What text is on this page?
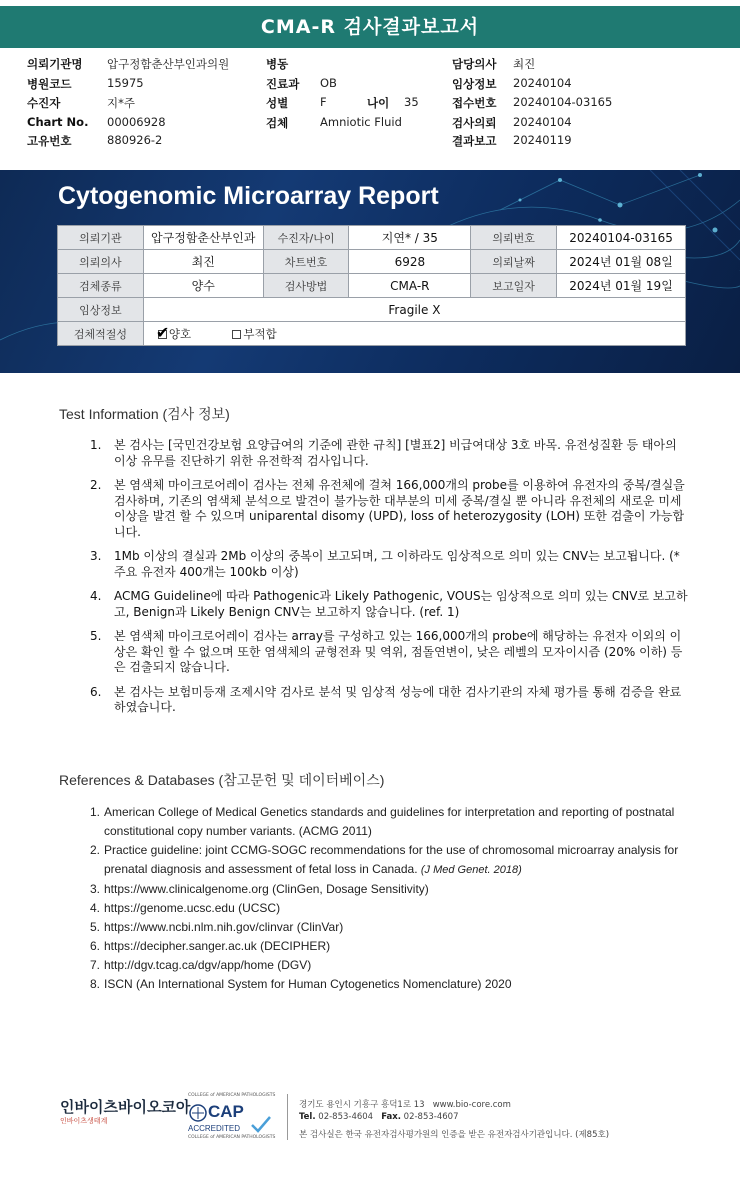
CMA-R 검사결과보고서
의뢰기관명 압구정함춘산부인과의원	병동	담당의사 최진
병원코드	15975	진료과 OB	임상정보 20240104
수진자	지*주	성별	F	나이 35	접수번호 20240104-03165
Chart No. 00006928	검체	Amniotic Fluid	검사의뢰 20240104
고유번호	880926-2	결과보고 20240119
Cytogenomic Microarray Report
의뢰기관	압구정함춘산부인과	수진자/나이	지연* / 35	의뢰번호	20240104-03165
의뢰의사	최진	차트번호	6928	의뢰날짜	2024년 01월 08일
검체종류	양수	검사방법	CMA-R	보고일자	2024년 01월 19일
임상정보	Fragile X				
검체적절성	✔ 양호 부적합				
Test Information (검사 정보)
1. 본 검사는 [국민건강보험 요양급여의 기준에 관한 규칙] [별표2] 비급여대상 3호 바목. 유전성질환 등 태아의 이상 유무를 진단하기 위한 유전학적 검사입니다.
2. 본 염색체 마이크로어레이 검사는 전체 유전체에 걸쳐 166,000개의 probe를 이용하여 유전자의 중복/결실을 검사하며, 기존의 염색체 분석으로 발견이 불가능한 대부분의 미세 중복/결실 뿐 아니라 유전체의 새로운 미세이상을 발견 할 수 있으며 uniparental disomy (UPD), loss of heterozygosity (LOH) 또한 검출이 가능합니다.
3. 1Mb 이상의 결실과 2Mb 이상의 중복이 보고되며, 그 이하라도 임상적으로 의미 있는 CNV는 보고됩니다. (*주요 유전자 400개는 100kb 이상)
4. ACMG Guideline에 따라 Pathogenic과 Likely Pathogenic, VOUS는 임상적으로 의미 있는 CNV로 보고하고, Benign과 Likely Benign CNV는 보고하지 않습니다. (ref. 1)
5. 본 염색체 마이크로어레이 검사는 array를 구성하고 있는 166,000개의 probe에 해당하는 유전자 이외의 이상은 확인 할 수 없으며 또한 염색체의 균형전좌 및 역위, 점돌연변이, 낮은 레벨의 모자이시즘 (20% 이하) 등은 검출되지 않습니다.
6. 본 검사는 보험미등재 조제시약 검사로 분석 및 임상적 성능에 대한 검사기관의 자체 평가를 통해 검증을 완료하였습니다.
References & Databases (참고문헌 및 데이터베이스)
1. American College of Medical Genetics standards and guidelines for interpretation and reporting of postnatal constitutional copy number variants. (ACMG 2011)
2. Practice guideline: joint CCMG-SOGC recommendations for the use of chromosomal microarray analysis for prenatal diagnosis and assessment of fetal loss in Canada. (J Med Genet. 2018)
3. https://www.clinicalgenome.org (ClinGen, Dosage Sensitivity)
4. https://genome.ucsc.edu (UCSC)
5. https://www.ncbi.nlm.nih.gov/clinvar (ClinVar)
6. https://decipher.sanger.ac.uk (DECIPHER)
7. http://dgv.tcag.ca/dgv/app/home (DGV)
8. ISCN (An International System for Human Cytogenetics Nomenclature) 2020
인바이츠바이오코아
인바이츠생태계
COLLEGE of AMERICAN PATHOLOGISTS
CAP
ACCREDITED
COLLEGE of AMERICAN PATHOLOGISTS
경기도 용인시 기흥구 흥덕1로 13 www.bio-core.com
Tel. 02-853-4604 Fax. 02-853-4607
본 검사실은 한국 유전자검사평가원의 인증을 받은 유전자검사기관입니다. (제85호)
